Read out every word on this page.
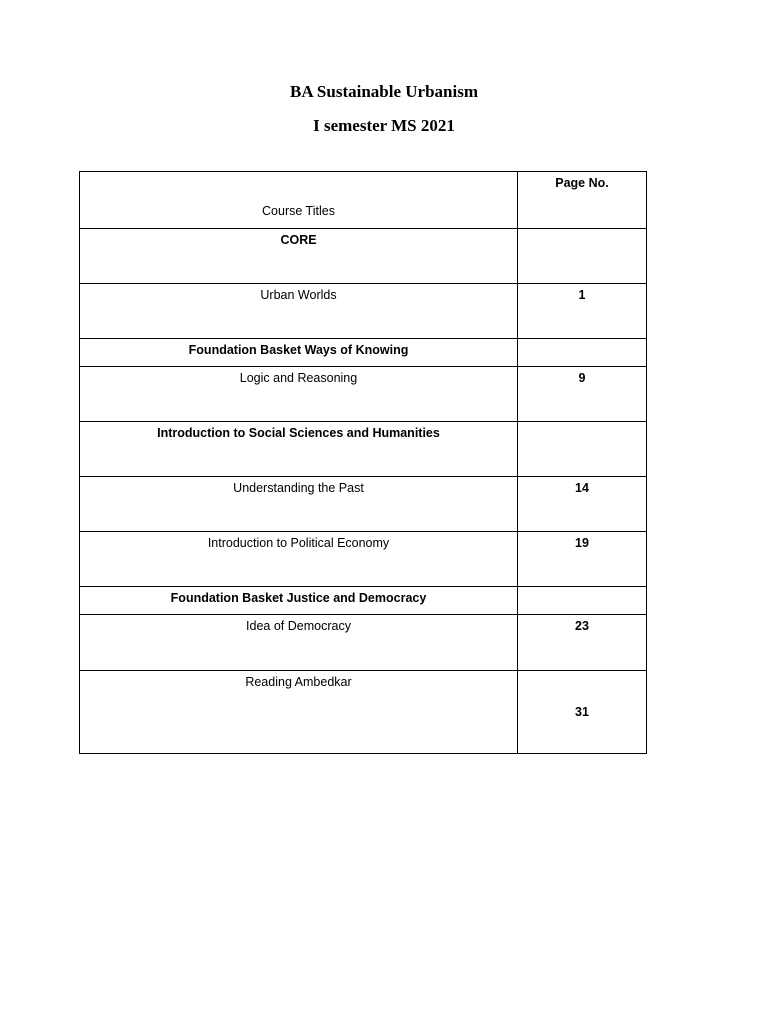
BA Sustainable Urbanism
I semester MS 2021
Course Titles	Page No.

CORE	

Urban Worlds	1

Foundation Basket Ways of Knowing	

Logic and Reasoning	9

Introduction to Social Sciences and Humanities	

Understanding the Past	14

Introduction to Political Economy	19

Foundation Basket Justice and Democracy	

Idea of Democracy	23

Reading Ambedkar	31
